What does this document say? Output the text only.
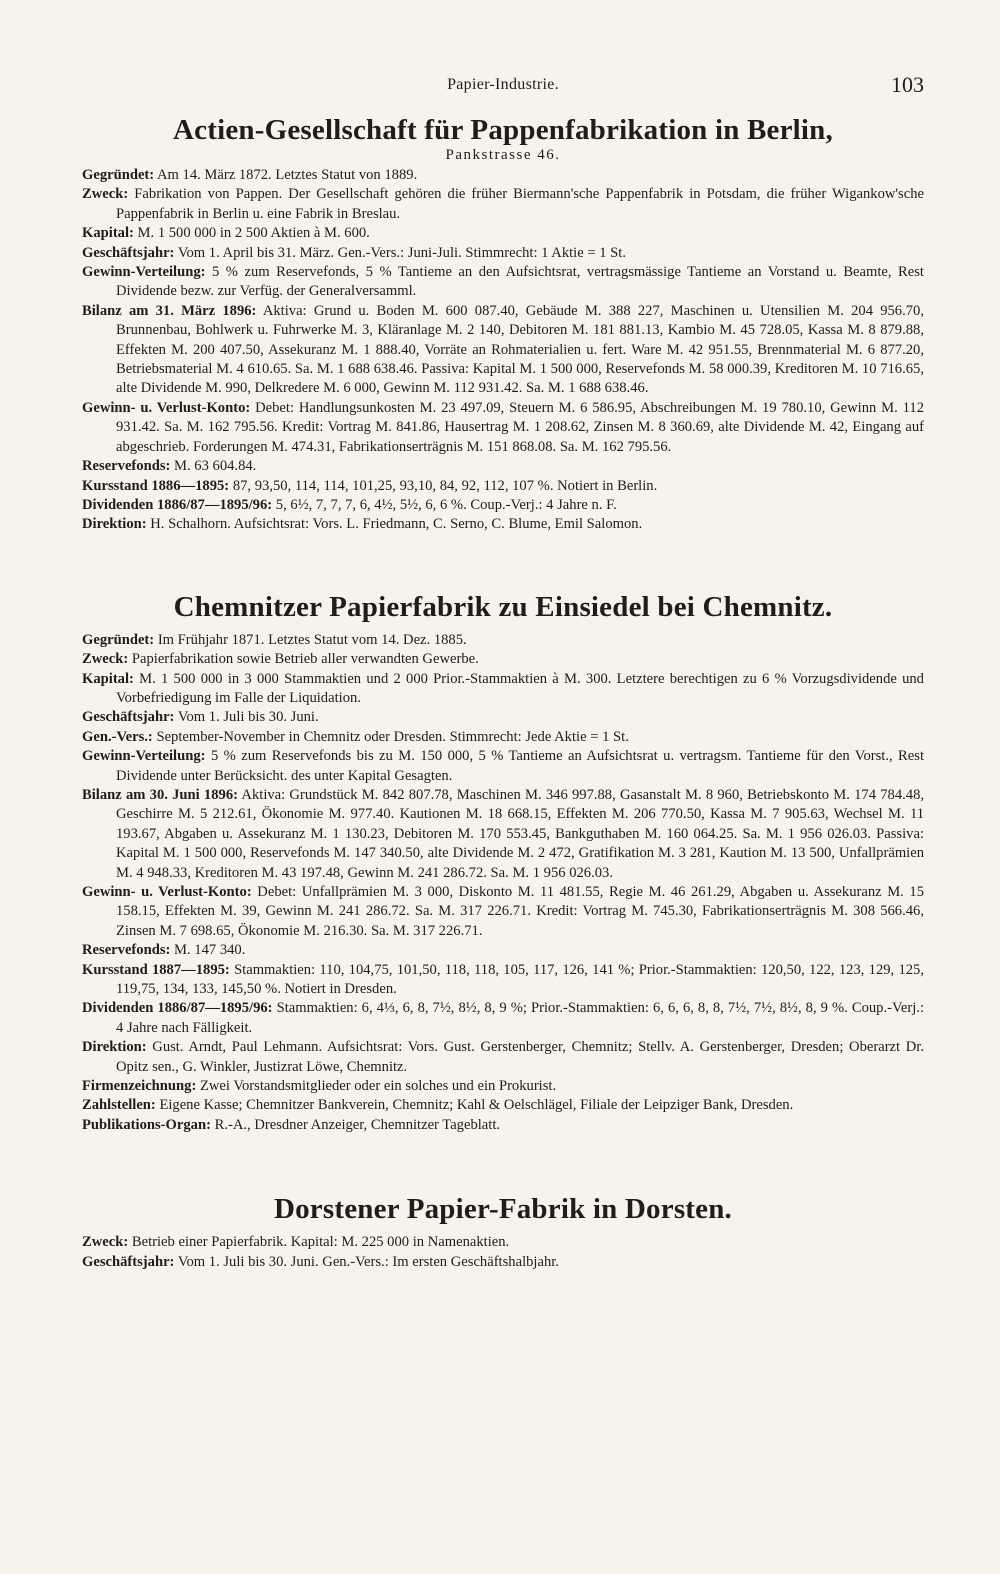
Papier-Industrie.	103
Actien-Gesellschaft für Pappenfabrikation in Berlin,
Pankstrasse 46.

Gegründet: Am 14. März 1872. Letztes Statut von 1889.

Zweck: Fabrikation von Pappen. Der Gesellschaft gehören die früher Biermann'sche Pappenfabrik in Potsdam, die früher Wigankow'sche Pappenfabrik in Berlin u. eine Fabrik in Breslau.

Kapital: M. 1 500 000 in 2 500 Aktien à M. 600.

Geschäftsjahr: Vom 1. April bis 31. März. Gen.-Vers.: Juni-Juli. Stimmrecht: 1 Aktie = 1 St.

Gewinn-Verteilung: 5 % zum Reservefonds, 5 % Tantieme an den Aufsichtsrat, vertragsmässige Tantieme an Vorstand u. Beamte, Rest Dividende bezw. zur Verfüg. der Generalversamml.

Bilanz am 31. März 1896: Aktiva: Grund u. Boden M. 600 087.40, Gebäude M. 388 227, Maschinen u. Utensilien M. 204 956.70, Brunnenbau, Bohlwerk u. Fuhrwerke M. 3, Kläranlage M. 2 140, Debitoren M. 181 881.13, Kambio M. 45 728.05, Kassa M. 8 879.88, Effekten M. 200 407.50, Assekuranz M. 1 888.40, Vorräte an Rohmaterialien u. fert. Ware M. 42 951.55, Brennmaterial M. 6 877.20, Betriebsmaterial M. 4 610.65. Sa. M. 1 688 638.46. Passiva: Kapital M. 1 500 000, Reservefonds M. 58 000.39, Kreditoren M. 10 716.65, alte Dividende M. 990, Delkredere M. 6 000, Gewinn M. 112 931.42. Sa. M. 1 688 638.46.

Gewinn- u. Verlust-Konto: Debet: Handlungsunkosten M. 23 497.09, Steuern M. 6 586.95, Abschreibungen M. 19 780.10, Gewinn M. 112 931.42. Sa. M. 162 795.56. Kredit: Vortrag M. 841.86, Hausertrag M. 1 208.62, Zinsen M. 8 360.69, alte Dividende M. 42, Eingang auf abgeschrieb. Forderungen M. 474.31, Fabrikationserträgnis M. 151 868.08. Sa. M. 162 795.56.

Reservefonds: M. 63 604.84.

Kursstand 1886—1895: 87, 93,50, 114, 114, 101,25, 93,10, 84, 92, 112, 107 %. Notiert in Berlin.

Dividenden 1886/87—1895/96: 5, 6½, 7, 7, 7, 6, 4½, 5½, 6, 6 %. Coup.-Verj.: 4 Jahre n. F.

Direktion: H. Schalhorn. Aufsichtsrat: Vors. L. Friedmann, C. Serno, C. Blume, Emil Salomon.

Chemnitzer Papierfabrik zu Einsiedel bei Chemnitz.

Gegründet: Im Frühjahr 1871. Letztes Statut vom 14. Dez. 1885.

Zweck: Papierfabrikation sowie Betrieb aller verwandten Gewerbe.

Kapital: M. 1 500 000 in 3 000 Stammaktien und 2 000 Prior.-Stammaktien à M. 300. Letztere berechtigen zu 6 % Vorzugsdividende und Vorbefriedigung im Falle der Liquidation.

Geschäftsjahr: Vom 1. Juli bis 30. Juni.

Gen.-Vers.: September-November in Chemnitz oder Dresden. Stimmrecht: Jede Aktie = 1 St.

Gewinn-Verteilung: 5 % zum Reservefonds bis zu M. 150 000, 5 % Tantieme an Aufsichtsrat u. vertragsm. Tantieme für den Vorst., Rest Dividende unter Berücksicht. des unter Kapital Gesagten.

Bilanz am 30. Juni 1896: Aktiva: Grundstück M. 842 807.78, Maschinen M. 346 997.88, Gasanstalt M. 8 960, Betriebskonto M. 174 784.48, Geschirre M. 5 212.61, Ökonomie M. 977.40. Kautionen M. 18 668.15, Effekten M. 206 770.50, Kassa M. 7 905.63, Wechsel M. 11 193.67, Abgaben u. Assekuranz M. 1 130.23, Debitoren M. 170 553.45, Bankguthaben M. 160 064.25. Sa. M. 1 956 026.03. Passiva: Kapital M. 1 500 000, Reservefonds M. 147 340.50, alte Dividende M. 2 472, Gratifikation M. 3 281, Kaution M. 13 500, Unfallprämien M. 4 948.33, Kreditoren M. 43 197.48, Gewinn M. 241 286.72. Sa. M. 1 956 026.03.

Gewinn- u. Verlust-Konto: Debet: Unfallprämien M. 3 000, Diskonto M. 11 481.55, Regie M. 46 261.29, Abgaben u. Assekuranz M. 15 158.15, Effekten M. 39, Gewinn M. 241 286.72. Sa. M. 317 226.71. Kredit: Vortrag M. 745.30, Fabrikationserträgnis M. 308 566.46, Zinsen M. 7 698.65, Ökonomie M. 216.30. Sa. M. 317 226.71.

Reservefonds: M. 147 340.

Kursstand 1887—1895: Stammaktien: 110, 104,75, 101,50, 118, 118, 105, 117, 126, 141 %; Prior.-Stammaktien: 120,50, 122, 123, 129, 125, 119,75, 134, 133, 145,50 %. Notiert in Dresden.

Dividenden 1886/87—1895/96: Stammaktien: 6, 4⅓, 6, 8, 7½, 8½, 8, 9 %; Prior.-Stammaktien: 6, 6, 6, 8, 8, 7½, 7½, 8½, 8, 9 %. Coup.-Verj.: 4 Jahre nach Fälligkeit.

Direktion: Gust. Arndt, Paul Lehmann. Aufsichtsrat: Vors. Gust. Gerstenberger, Chemnitz; Stellv. A. Gerstenberger, Dresden; Oberarzt Dr. Opitz sen., G. Winkler, Justizrat Löwe, Chemnitz.

Firmenzeichnung: Zwei Vorstandsmitglieder oder ein solches und ein Prokurist.

Zahlstellen: Eigene Kasse; Chemnitzer Bankverein, Chemnitz; Kahl & Oelschlägel, Filiale der Leipziger Bank, Dresden.

Publikations-Organ: R.-A., Dresdner Anzeiger, Chemnitzer Tageblatt.

Dorstener Papier-Fabrik in Dorsten.

Zweck: Betrieb einer Papierfabrik. Kapital: M. 225 000 in Namenaktien.

Geschäftsjahr: Vom 1. Juli bis 30. Juni. Gen.-Vers.: Im ersten Geschäftshalbjahr.
